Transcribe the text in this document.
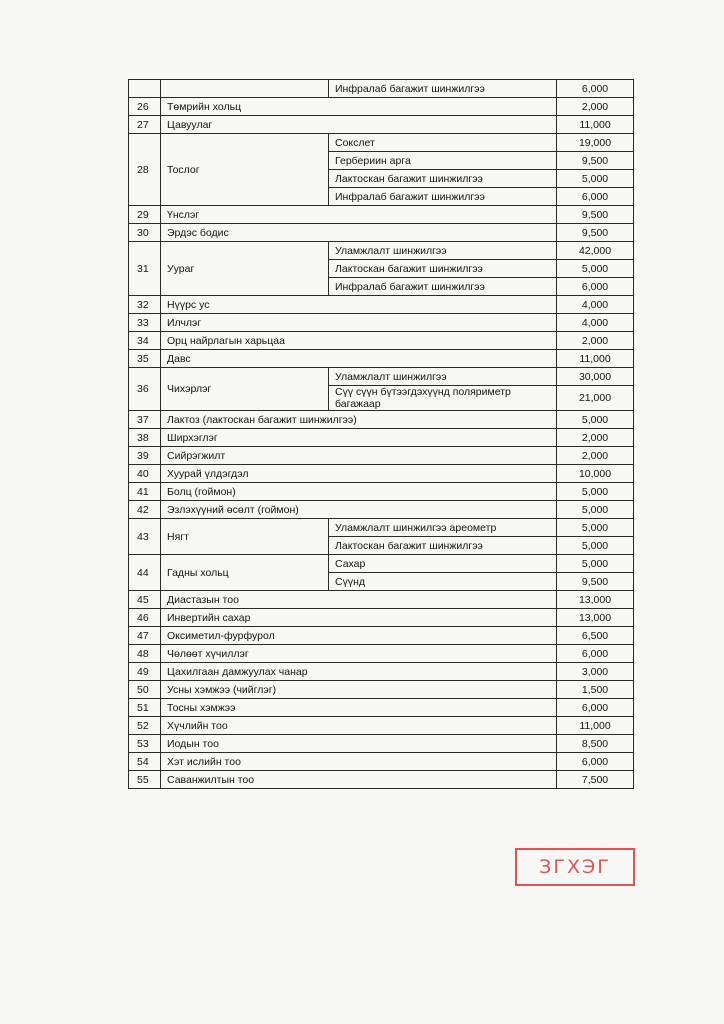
		Инфралаб багажит шинжилгээ	6,000
26	Төмрийн хольц		2,000
27	Цавуулаг		11,000
28	Тослог	Сокслет	19,000
		Гербериин арга	9,500
		Лактоскан багажит шинжилгээ	5,000
		Инфралаб багажит шинжилгээ	6,000
29	Үнслэг		9,500
30	Эрдэс бодис		9,500
31	Уураг	Уламжлалт шинжилгээ	42,000
		Лактоскан багажит шинжилгээ	5,000
		Инфралаб багажит шинжилгээ	6,000
32	Нүүрс ус		4,000
33	Илчлэг		4,000
34	Орц найрлагын харьцаа		2,000
35	Давс		11,000
36	Чихэрлэг	Уламжлалт шинжилгээ	30,000
		Сүү сүүн бүтээгдэхүүнд поляриметр багажаар	21,000
37	Лактоз (лактоскан багажит шинжилгээ)		5,000
38	Ширхэглэг		2,000
39	Сийрэгжилт		2,000
40	Хуурай үлдэгдэл		10,000
41	Болц (гоймон)		5,000
42	Эзлэхүүний өсөлт (гоймон)		5,000
43	Нягт	Уламжлалт шинжилгээ ареометр	5,000
		Лактоскан багажит шинжилгээ	5,000
44	Гадны хольц	Сахар	5,000
		Сүүнд	9,500
45	Диастазын тоо		13,000
46	Инвертийн сахар		13,000
47	Оксиметил-фурфурол		6,500
48	Чөлөөт хүчиллэг		6,000
49	Цахилгаан дамжуулах чанар		3,000
50	Усны хэмжээ (чийглэг)		1,500
51	Тосны хэмжээ		6,000
52	Хүчлийн тоо		11,000
53	Иодын тоо		8,500
54	Хэт ислийн тоо		6,000
55	Саванжилтын тоо		7,500
ЗГХЭГ
